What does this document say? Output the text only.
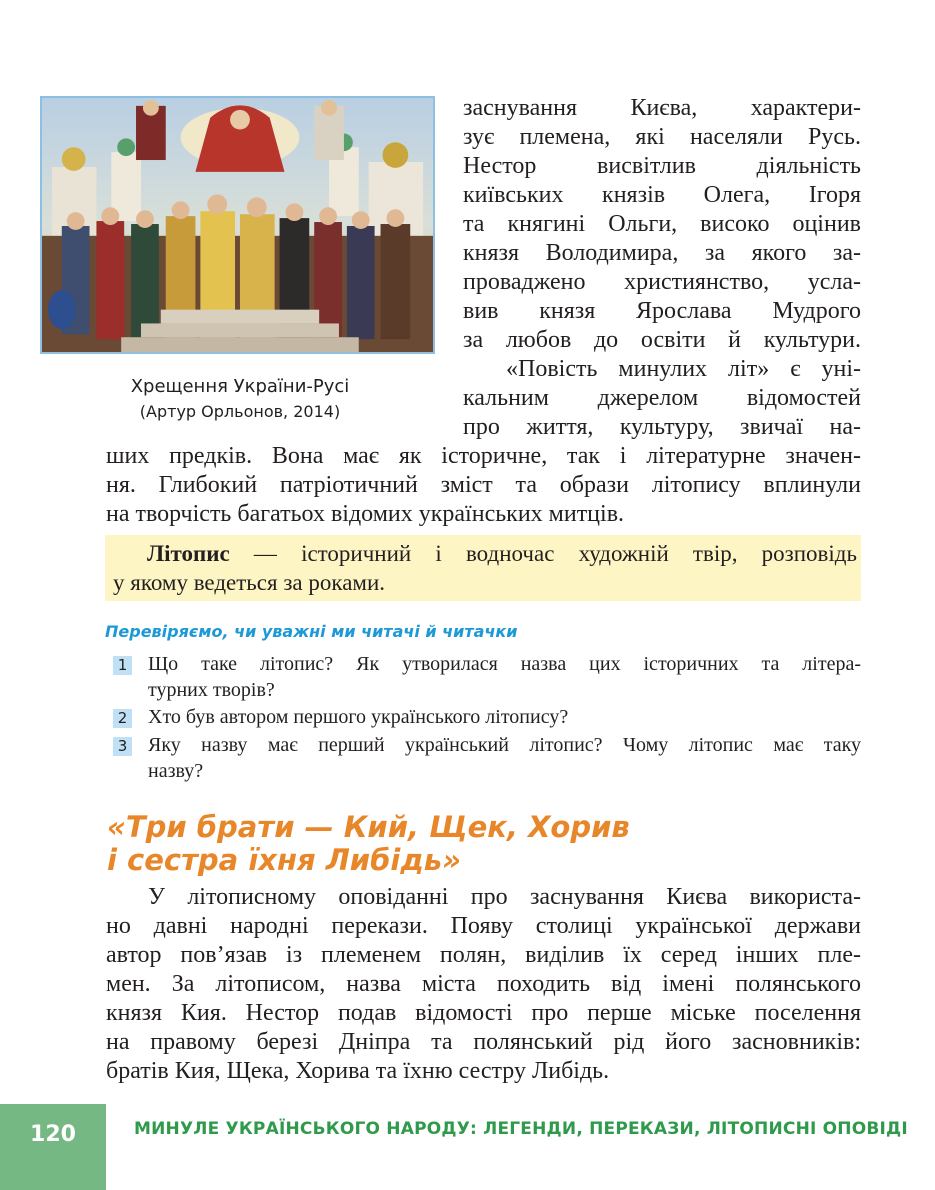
Хрещення України-Русі
(Артур Орльонов, 2014)
заснування Києва, характери-
зує племена, які населяли Русь.
Нестор висвітлив діяльність
київських князів Олега, Ігоря
та княгині Ольги, високо оцінив
князя Володимира, за якого за-
проваджено християнство, усла-
вив князя Ярослава Мудрого
за любов до освіти й культури.
«Повість минулих літ» є уні-
кальним джерелом відомостей
про життя, культуру, звичаї на-
ших предків. Вона має як історичне, так і літературне значен-
ня. Глибокий патріотичний зміст та образи літопису вплинули
на творчість багатьох відомих українських митців.
Літопис — історичний і водночас художній твір, розповідь
у якому ведеться за роками.
Перевіряємо, чи уважні ми читачі й читачки
1 Що таке літопис? Як утворилася назва цих історичних та літера-
турних творів?
2 Хто був автором першого українського літопису?
3 Яку назву має перший український літопис? Чому літопис має таку
назву?
«Три брати — Кий, Щек, Хорив
і сестра їхня Либідь»
У літописному оповіданні про заснування Києва використа-
но давні народні перекази. Появу столиці української держави
автор пов’язав із племенем полян, виділив їх серед інших пле-
мен. За літописом, назва міста походить від імені полянського
князя Кия. Нестор подав відомості про перше міське поселення
на правому березі Дніпра та полянський рід його засновників:
братів Кия, Щека, Хорива та їхню сестру Либідь.
120	МИНУЛЕ УКРАЇНСЬКОГО НАРОДУ: ЛЕГЕНДИ, ПЕРЕКАЗИ, ЛІТОПИСНІ ОПОВІДІ
